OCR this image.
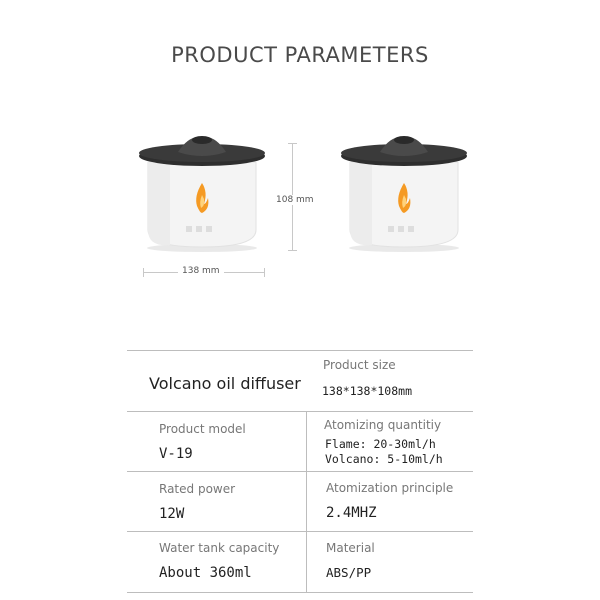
PRODUCT PARAMETERS
108 mm
138 mm
Volcano oil diffuser
Product size
138*138*108mm
Product model
V-19
Atomizing quantitiy
Flame: 20-30ml/h
Volcano: 5-10ml/h
Rated power
12W
Atomization principle
2.4MHZ
Water tank capacity
About 360ml
Material
ABS/PP
